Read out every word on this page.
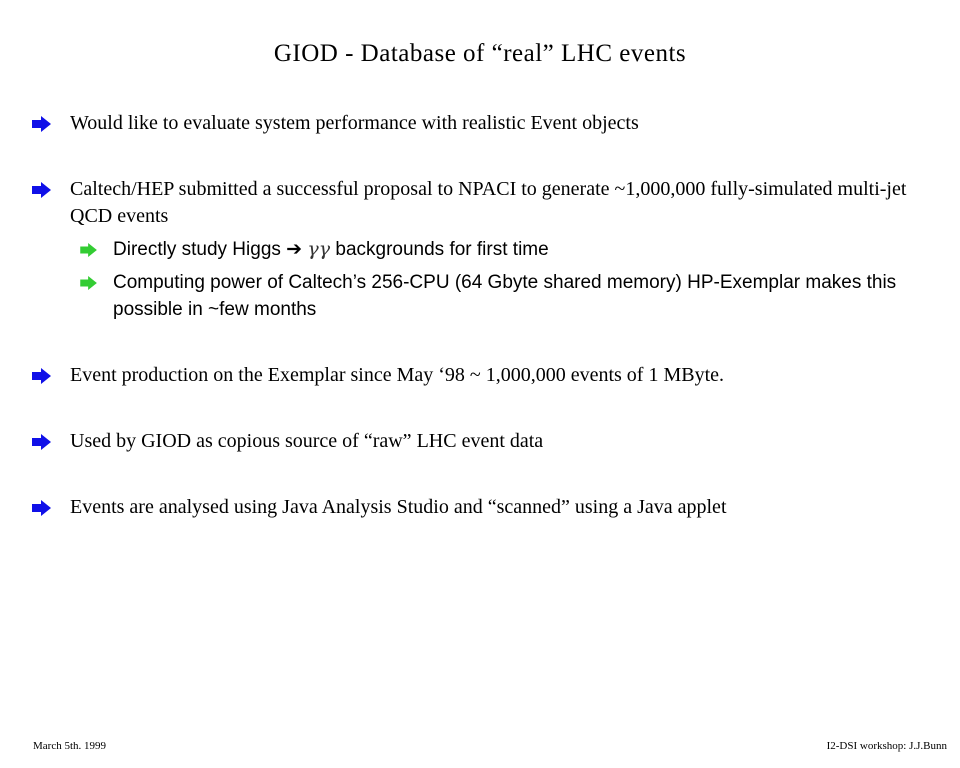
GIOD - Database of “real” LHC events
Would like to evaluate system performance with realistic Event objects
Caltech/HEP submitted a successful proposal to NPACI to generate ~1,000,000 fully-simulated multi-jet QCD events
Directly study Higgs ➔ γγ backgrounds for first time
Computing power of Caltech’s 256-CPU (64 Gbyte shared memory) HP-Exemplar makes this possible in ~few months
Event production on the Exemplar since May ‘98 ~ 1,000,000 events of 1 MByte.
Used by GIOD as copious source of “raw” LHC event data
Events are analysed using Java Analysis Studio and “scanned” using a Java applet
March 5th. 1999	I2-DSI workshop: J.J.Bunn
